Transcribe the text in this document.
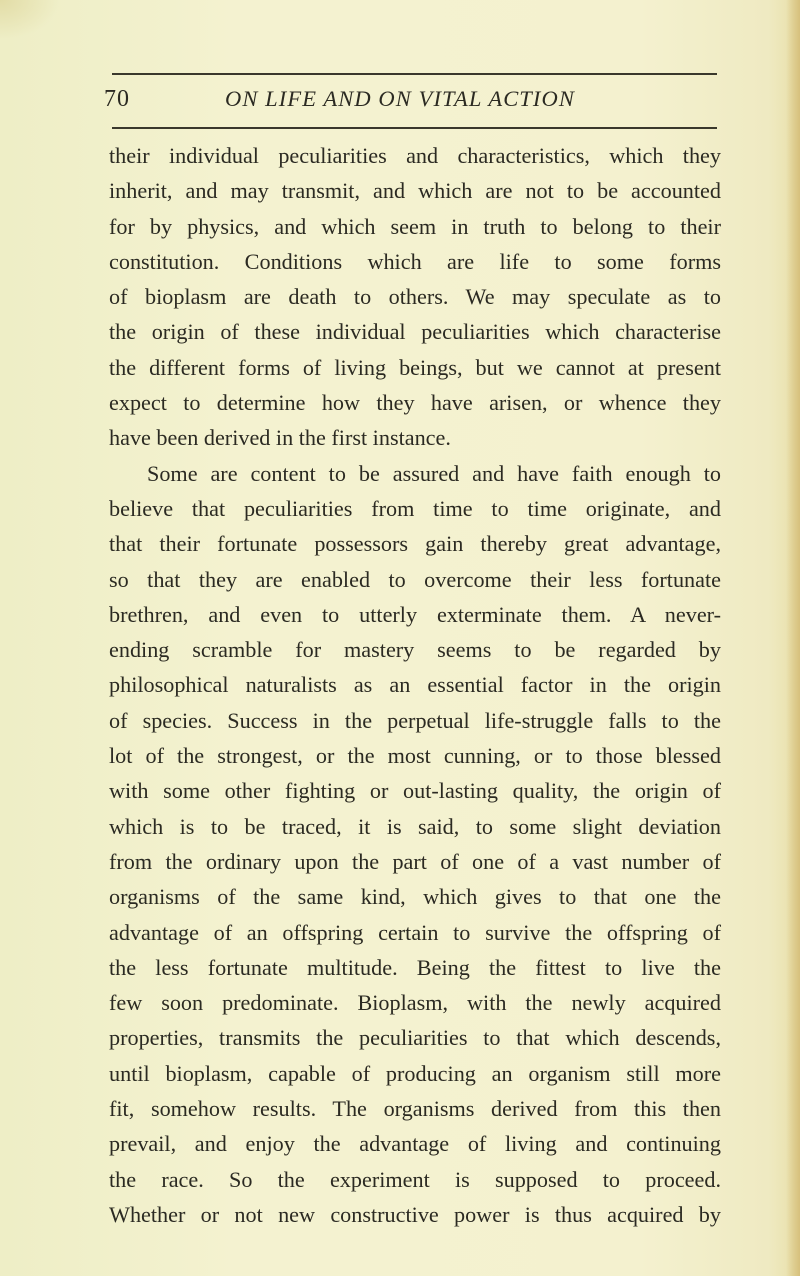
70	ON LIFE AND ON VITAL ACTION
their individual peculiarities and characteristics, which they
inherit, and may transmit, and which are not to be accounted
for by physics, and which seem in truth to belong to their
constitution. Conditions which are life to some forms
of bioplasm are death to others. We may speculate as to
the origin of these individual peculiarities which characterise
the different forms of living beings, but we cannot at present
expect to determine how they have arisen, or whence they
have been derived in the first instance.
Some are content to be assured and have faith enough to
believe that peculiarities from time to time originate, and
that their fortunate possessors gain thereby great advantage,
so that they are enabled to overcome their less fortunate
brethren, and even to utterly exterminate them. A never-
ending scramble for mastery seems to be regarded by
philosophical naturalists as an essential factor in the origin
of species. Success in the perpetual life-struggle falls to the
lot of the strongest, or the most cunning, or to those blessed
with some other fighting or out-lasting quality, the origin of
which is to be traced, it is said, to some slight deviation
from the ordinary upon the part of one of a vast number of
organisms of the same kind, which gives to that one the
advantage of an offspring certain to survive the offspring of
the less fortunate multitude. Being the fittest to live the
few soon predominate. Bioplasm, with the newly acquired
properties, transmits the peculiarities to that which descends,
until bioplasm, capable of producing an organism still more
fit, somehow results. The organisms derived from this then
prevail, and enjoy the advantage of living and continuing
the race. So the experiment is supposed to proceed.
Whether or not new constructive power is thus acquired by
